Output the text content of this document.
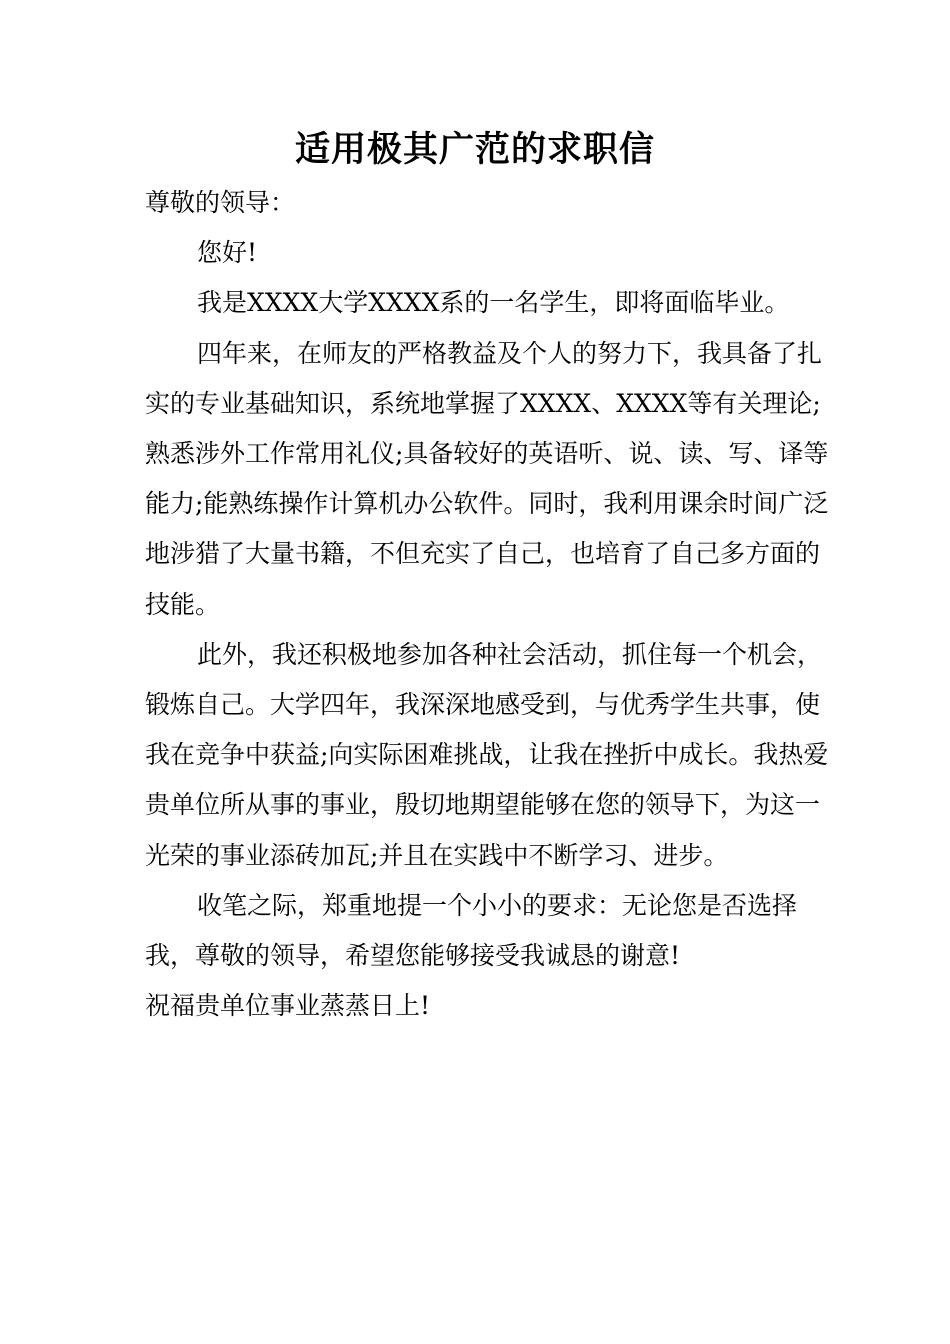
适用极其广范的求职信

尊敬的领导：

您好!

我是XXXX大学XXXX系的一名学生，即将面临毕业。

四年来，在师友的严格教益及个人的努力下，我具备了扎实的专业基础知识，系统地掌握了XXXX、XXXX等有关理论;熟悉涉外工作常用礼仪;具备较好的英语听、说、读、写、译等能力;能熟练操作计算机办公软件。同时，我利用课余时间广泛地涉猎了大量书籍，不但充实了自己，也培育了自己多方面的技能。

此外，我还积极地参加各种社会活动，抓住每一个机会，锻炼自己。大学四年，我深深地感受到，与优秀学生共事，使我在竞争中获益;向实际困难挑战，让我在挫折中成长。我热爱贵单位所从事的事业，殷切地期望能够在您的领导下，为这一光荣的事业添砖加瓦;并且在实践中不断学习、进步。

收笔之际，郑重地提一个小小的要求：无论您是否选择我，尊敬的领导，希望您能够接受我诚恳的谢意!

祝福贵单位事业蒸蒸日上!
